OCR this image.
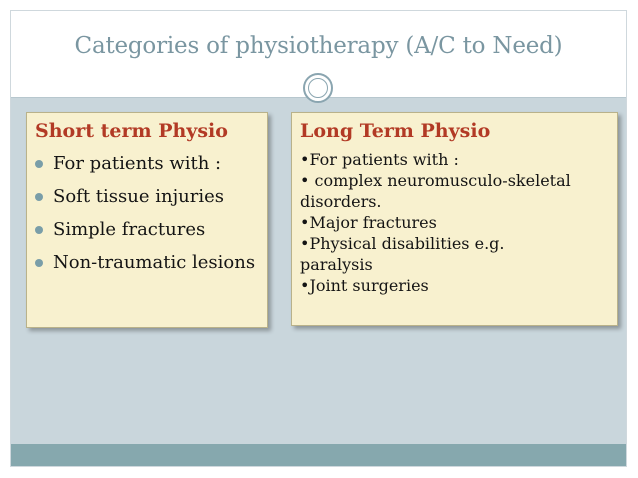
Categories of physiotherapy (A/C to Need)
Short term Physio
For patients with :
Soft tissue injuries
Simple fractures
Non-traumatic lesions
Long Term Physio
•For patients with :
• complex neuromusculo-skeletal
disorders.
•Major fractures
•Physical disabilities e.g.
paralysis
•Joint surgeries
